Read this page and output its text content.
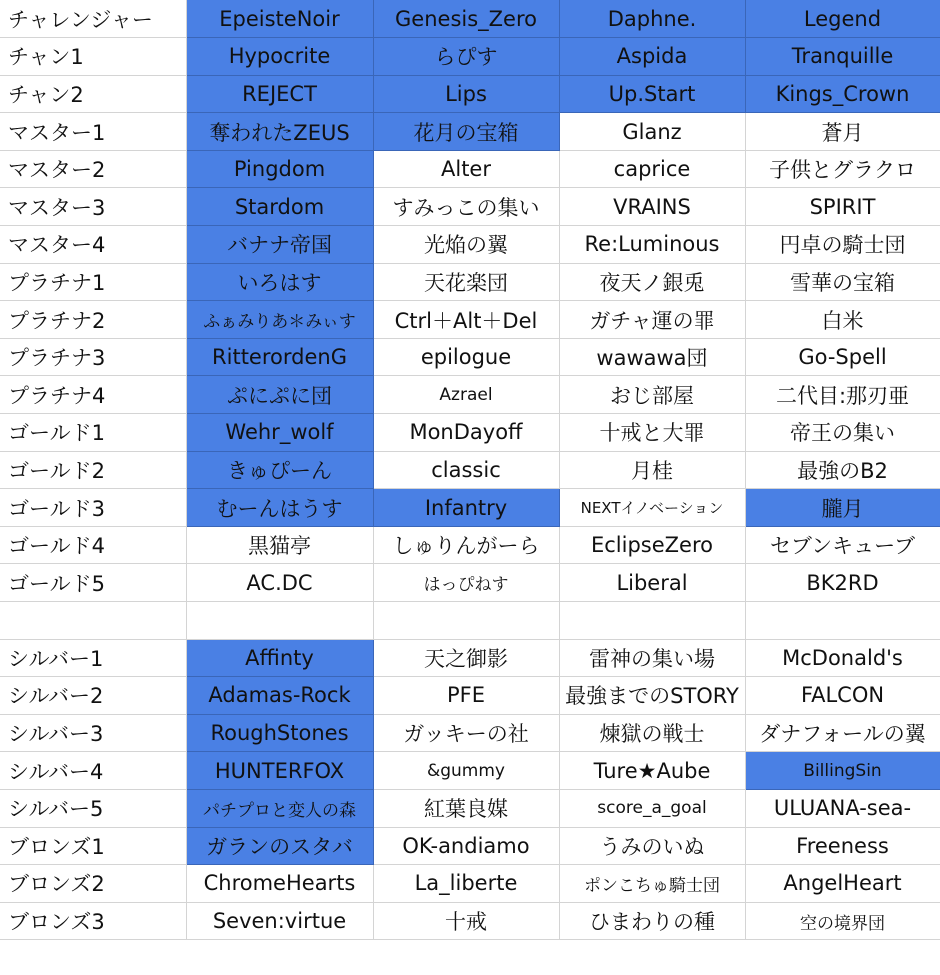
チャレンジャー	EpeisteNoir	Genesis_Zero	Daphne.	Legend
チャン1	Hypocrite	らぴす	Aspida	Tranquille
チャン2	REJECT	Lips	Up.Start	Kings_Crown
マスター1	奪われたZEUS	花月の宝箱	Glanz	蒼月
マスター2	Pingdom	Alter	caprice	子供とグラクロ
マスター3	Stardom	すみっこの集い	VRAINS	SPIRIT
マスター4	バナナ帝国	光焔の翼	Re:Luminous	円卓の騎士団
プラチナ1	いろはす	天花楽団	夜天ノ銀兎	雪華の宝箱
プラチナ2	ふぁみりあ＊みぃす	Ctrl＋Alt＋Del	ガチャ運の罪	白米
プラチナ3	RitterordenG	epilogue	wawawa団	Go-Spell
プラチナ4	ぷにぷに団	Azrael	おじ部屋	二代目:那刃亜
ゴールド1	Wehr_wolf	MonDayoff	十戒と大罪	帝王の集い
ゴールド2	きゅぴーん	classic	月桂	最強のB2
ゴールド3	むーんはうす	Infantry	NEXTイノベーション	朧月
ゴールド4	黒猫亭	しゅりんがーら	EclipseZero	セブンキューブ
ゴールド5	AC.DC	はっぴねす	Liberal	BK2RD

シルバー1	Affinty	天之御影	雷神の集い場	McDonald's
シルバー2	Adamas-Rock	PFE	最強までのSTORY	FALCON
シルバー3	RoughStones	ガッキーの社	煉獄の戦士	ダナフォールの翼
シルバー4	HUNTERFOX	&gummy	Ture★Aube	BillingSin
シルバー5	パチプロと変人の森	紅葉良媒	score_a_goal	ULUANA-sea-
ブロンズ1	ガランのスタバ	OK-andiamo	うみのいぬ	Freeness
ブロンズ2	ChromeHearts	La_liberte	ポンこちゅ騎士団	AngelHeart
ブロンズ3	Seven:virtue	十戒	ひまわりの種	空の境界団
